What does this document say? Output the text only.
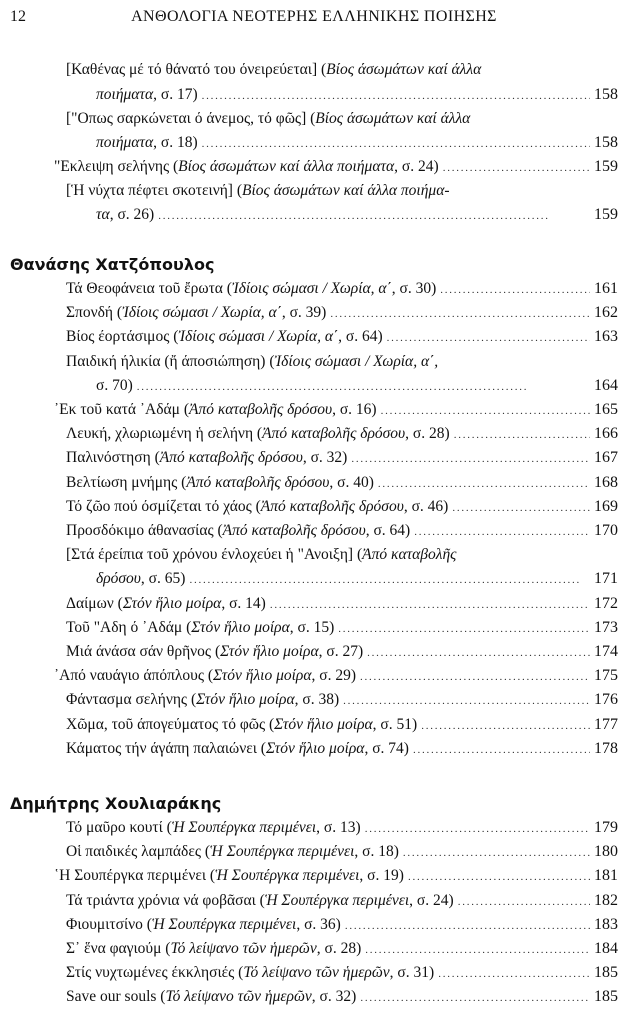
12	ΑΝΘΟΛΟΓΙΑ ΝΕΟΤΕΡΗΣ ΕΛΛΗΝΙΚΗΣ ΠΟΙΗΣΗΣ
[Καθένας μέ τό θάνατό του όνειρεύεται] (Βίος άσωμάτων καί άλλα
ποιήματα, σ. 17) . . .	158
["Οπως σαρκώνεται ό άνεμος, τό φῶς] (Βίος άσωμάτων καί άλλα
ποιήματα, σ. 18) . . .	158
"Εκλειψη σελήνης (Βίος άσωμάτων καί άλλα ποιήματα, σ. 24) . . .	159
[Ἡ νύχτα πέφτει σκοτεινή] (Βίος άσωμάτων καί άλλα ποιήμα-
τα, σ. 26) . . .	159
Θανάσης Χατζόπουλος
Τά Θεοφάνεια τοῦ ἔρωτα (Ἰδίοις σώμασι / Χωρία, α΄, σ. 30) . . .	161
Σπονδή (Ἰδίοις σώμασι / Χωρία, α΄, σ. 39) . . .	162
Βίος έορτάσιμος (Ἰδίοις σώμασι / Χωρία, α΄, σ. 64) . . .	163
Παιδική ήλικία (ἤ άποσιώπηση) (Ἰδίοις σώμασι / Χωρία, α΄,
σ. 70) . . .	164
᾿Εκ τοῦ κατά ᾿Αδάμ (Ἀπό καταβολῆς δρόσου, σ. 16) . . .	165
Λευκή, χλωριωμένη ἡ σελήνη (Ἀπό καταβολῆς δρόσου, σ. 28) . . .	166
Παλινόστηση (Ἀπό καταβολῆς δρόσου, σ. 32) . . .	167
Βελτίωση μνήμης (Ἀπό καταβολῆς δρόσου, σ. 40) . . .	168
Τό ζῶο πού όσμίζεται τό χάος (Ἀπό καταβολῆς δρόσου, σ. 46) . . .	169
Προσδόκιμο άθανασίας (Ἀπό καταβολῆς δρόσου, σ. 64) . . .	170
[Στά έρείπια τοῦ χρόνου ένλοχεύει ἡ "Ανοιξη] (Ἀπό καταβολῆς
δρόσου, σ. 65) . . .	171
Δαίμων (Στόν ἥλιο μοίρα, σ. 14) . . .	172
Τοῦ "Αδη ό ᾿Αδάμ (Στόν ἥλιο μοίρα, σ. 15) . . .	173
Μιά άνάσα σάν θρῆνος (Στόν ἥλιο μοίρα, σ. 27) . . .	174
᾿Από ναυάγιο άπόπλους (Στόν ἥλιο μοίρα, σ. 29) . . .	175
Φάντασμα σελήνης (Στόν ἥλιο μοίρα, σ. 38) . . .	176
Χῶμα, τοῦ άπογεύματος τό φῶς (Στόν ἥλιο μοίρα, σ. 51) . . .	177
Κάματος τήν άγάπη παλαιώνει (Στόν ἥλιο μοίρα, σ. 74) . . .	178
Δημήτρης Χουλιαράκης
Τό μαῦρο κουτί (Ἡ Σουπέργκα περιμένει, σ. 13) . . .	179
Οἱ παιδικές λαμπάδες (Ἡ Σουπέργκα περιμένει, σ. 18) . . .	180
῾Η Σουπέργκα περιμένει (Ἡ Σουπέργκα περιμένει, σ. 19) . . .	181
Τά τριάντα χρόνια νά φοβᾶσαι (Ἡ Σουπέργκα περιμένει, σ. 24) . . .	182
Φιουμιτσίνο (Ἡ Σουπέργκα περιμένει, σ. 36) . . .	183
Σ᾿ ἕνα φαγιούμ (Τό λείψανο τῶν ἡμερῶν, σ. 28) . . .	184
Στίς νυχτωμένες έκκλησιές (Τό λείψανο τῶν ἡμερῶν, σ. 31) . . .	185
Save our souls (Τό λείψανο τῶν ἡμερῶν, σ. 32) . . .	185
